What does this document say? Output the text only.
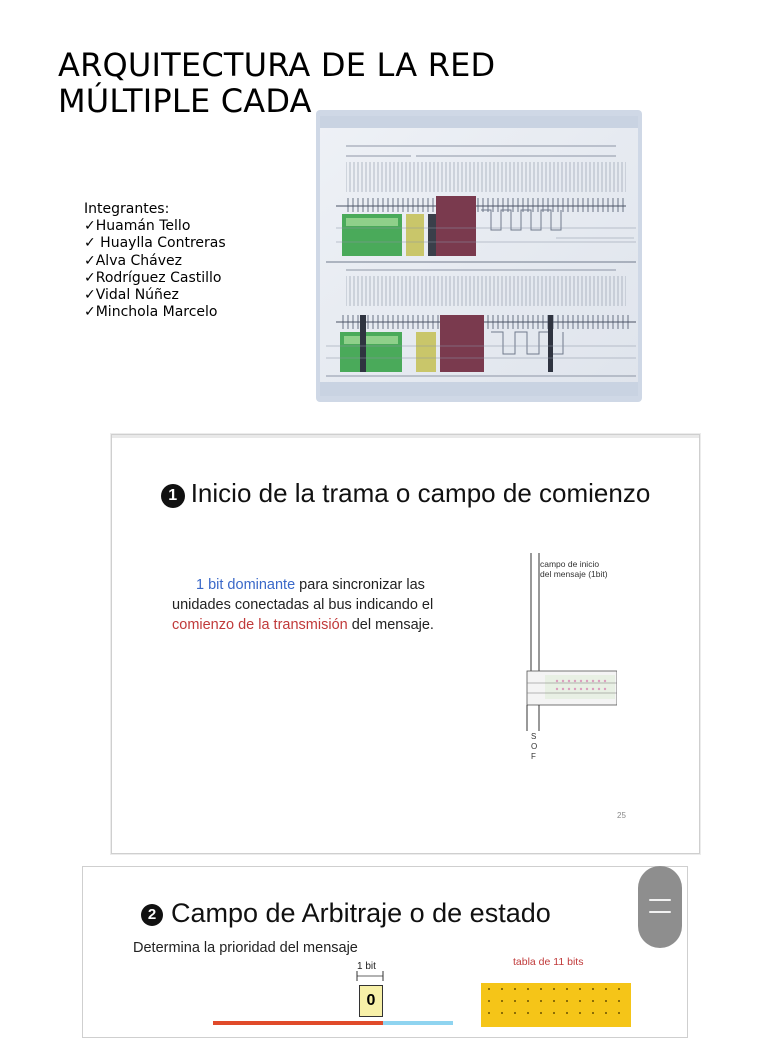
ARQUITECTURA DE LA RED
MÚLTIPLE CADA
Integrantes:
✓Huamán Tello
✓ Huaylla Contreras
✓Alva Chávez
✓Rodríguez Castillo
✓Vidal Núñez
✓Minchola Marcelo
1 Inicio de la trama o campo de comienzo
1 bit dominante para sincronizar las unidades conectadas al bus indicando el comienzo de la transmisión del mensaje.
S
O
F
campo de inicio
del mensaje (1bit)
25
2 Campo de Arbitraje o de estado
Determina la prioridad del mensaje
1 bit
0
tabla de 11 bits
